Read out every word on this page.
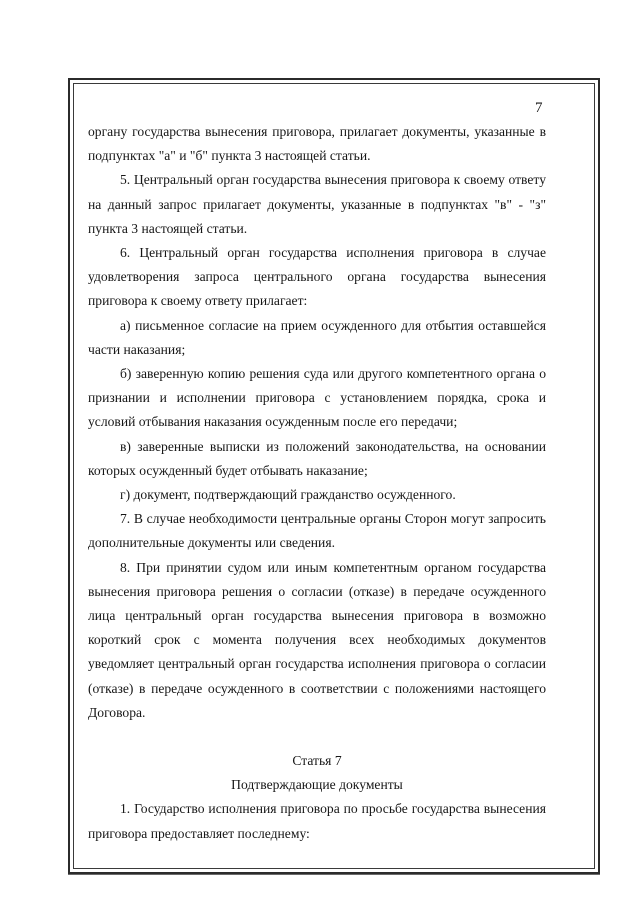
7

органу государства вынесения приговора, прилагает документы, указанные в подпунктах "а" и "б" пункта 3 настоящей статьи.

5. Центральный орган государства вынесения приговора к своему ответу на данный запрос прилагает документы, указанные в подпунктах "в" - "з" пункта 3 настоящей статьи.

6. Центральный орган государства исполнения приговора в случае удовлетворения запроса центрального органа государства вынесения приговора к своему ответу прилагает:

а) письменное согласие на прием осужденного для отбытия оставшейся части наказания;

б) заверенную копию решения суда или другого компетентного органа о признании и исполнении приговора с установлением порядка, срока и условий отбывания наказания осужденным после его передачи;

в) заверенные выписки из положений законодательства, на основании которых осужденный будет отбывать наказание;

г) документ, подтверждающий гражданство осужденного.

7. В случае необходимости центральные органы Сторон могут запросить дополнительные документы или сведения.

8. При принятии судом или иным компетентным органом государства вынесения приговора решения о согласии (отказе) в передаче осужденного лица центральный орган государства вынесения приговора в возможно короткий срок с момента получения всех необходимых документов уведомляет центральный орган государства исполнения приговора о согласии (отказе) в передаче осужденного в соответствии с положениями настоящего Договора.

Статья 7

Подтверждающие документы

1. Государство исполнения приговора по просьбе государства вынесения приговора предоставляет последнему:
